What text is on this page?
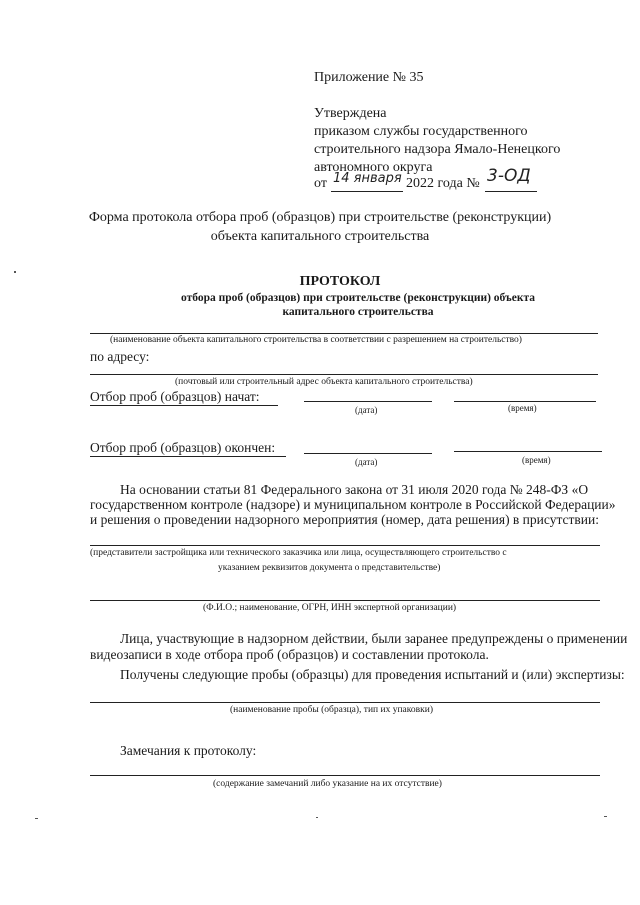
Приложение № 35
Утверждена
приказом службы государственного
строительного надзора Ямало-Ненецкого
автономного округа
от 14 января 2022 года № 3-ОД
Форма протокола отбора проб (образцов) при строительстве (реконструкции)
объекта капитального строительства
ПРОТОКОЛ
отбора проб (образцов) при строительстве (реконструкции) объекта
капитального строительства
(наименование объекта капитального строительства в соответствии с разрешением на строительство)
по адресу:
(почтовый или строительный адрес объекта капитального строительства)
Отбор проб (образцов) начат:
(дата)	(время)
Отбор проб (образцов) окончен:
(дата)	(время)
На основании статьи 81 Федерального закона от 31 июля 2020 года № 248-ФЗ «О
государственном контроле (надзоре) и муниципальном контроле в Российской Федерации»
и решения о проведении надзорного мероприятия (номер, дата решения) в присутствии:
(представители застройщика или технического заказчика или лица, осуществляющего строительство с
указанием реквизитов документа о представительстве)
(Ф.И.О.; наименование, ОГРН, ИНН экспертной организации)
Лица, участвующие в надзорном действии, были заранее предупреждены о применении
видеозаписи в ходе отбора проб (образцов) и составлении протокола.
Получены следующие пробы (образцы) для проведения испытаний и (или) экспертизы:
(наименование пробы (образца), тип их упаковки)
Замечания к протоколу:
(содержание замечаний либо указание на их отсутствие)
